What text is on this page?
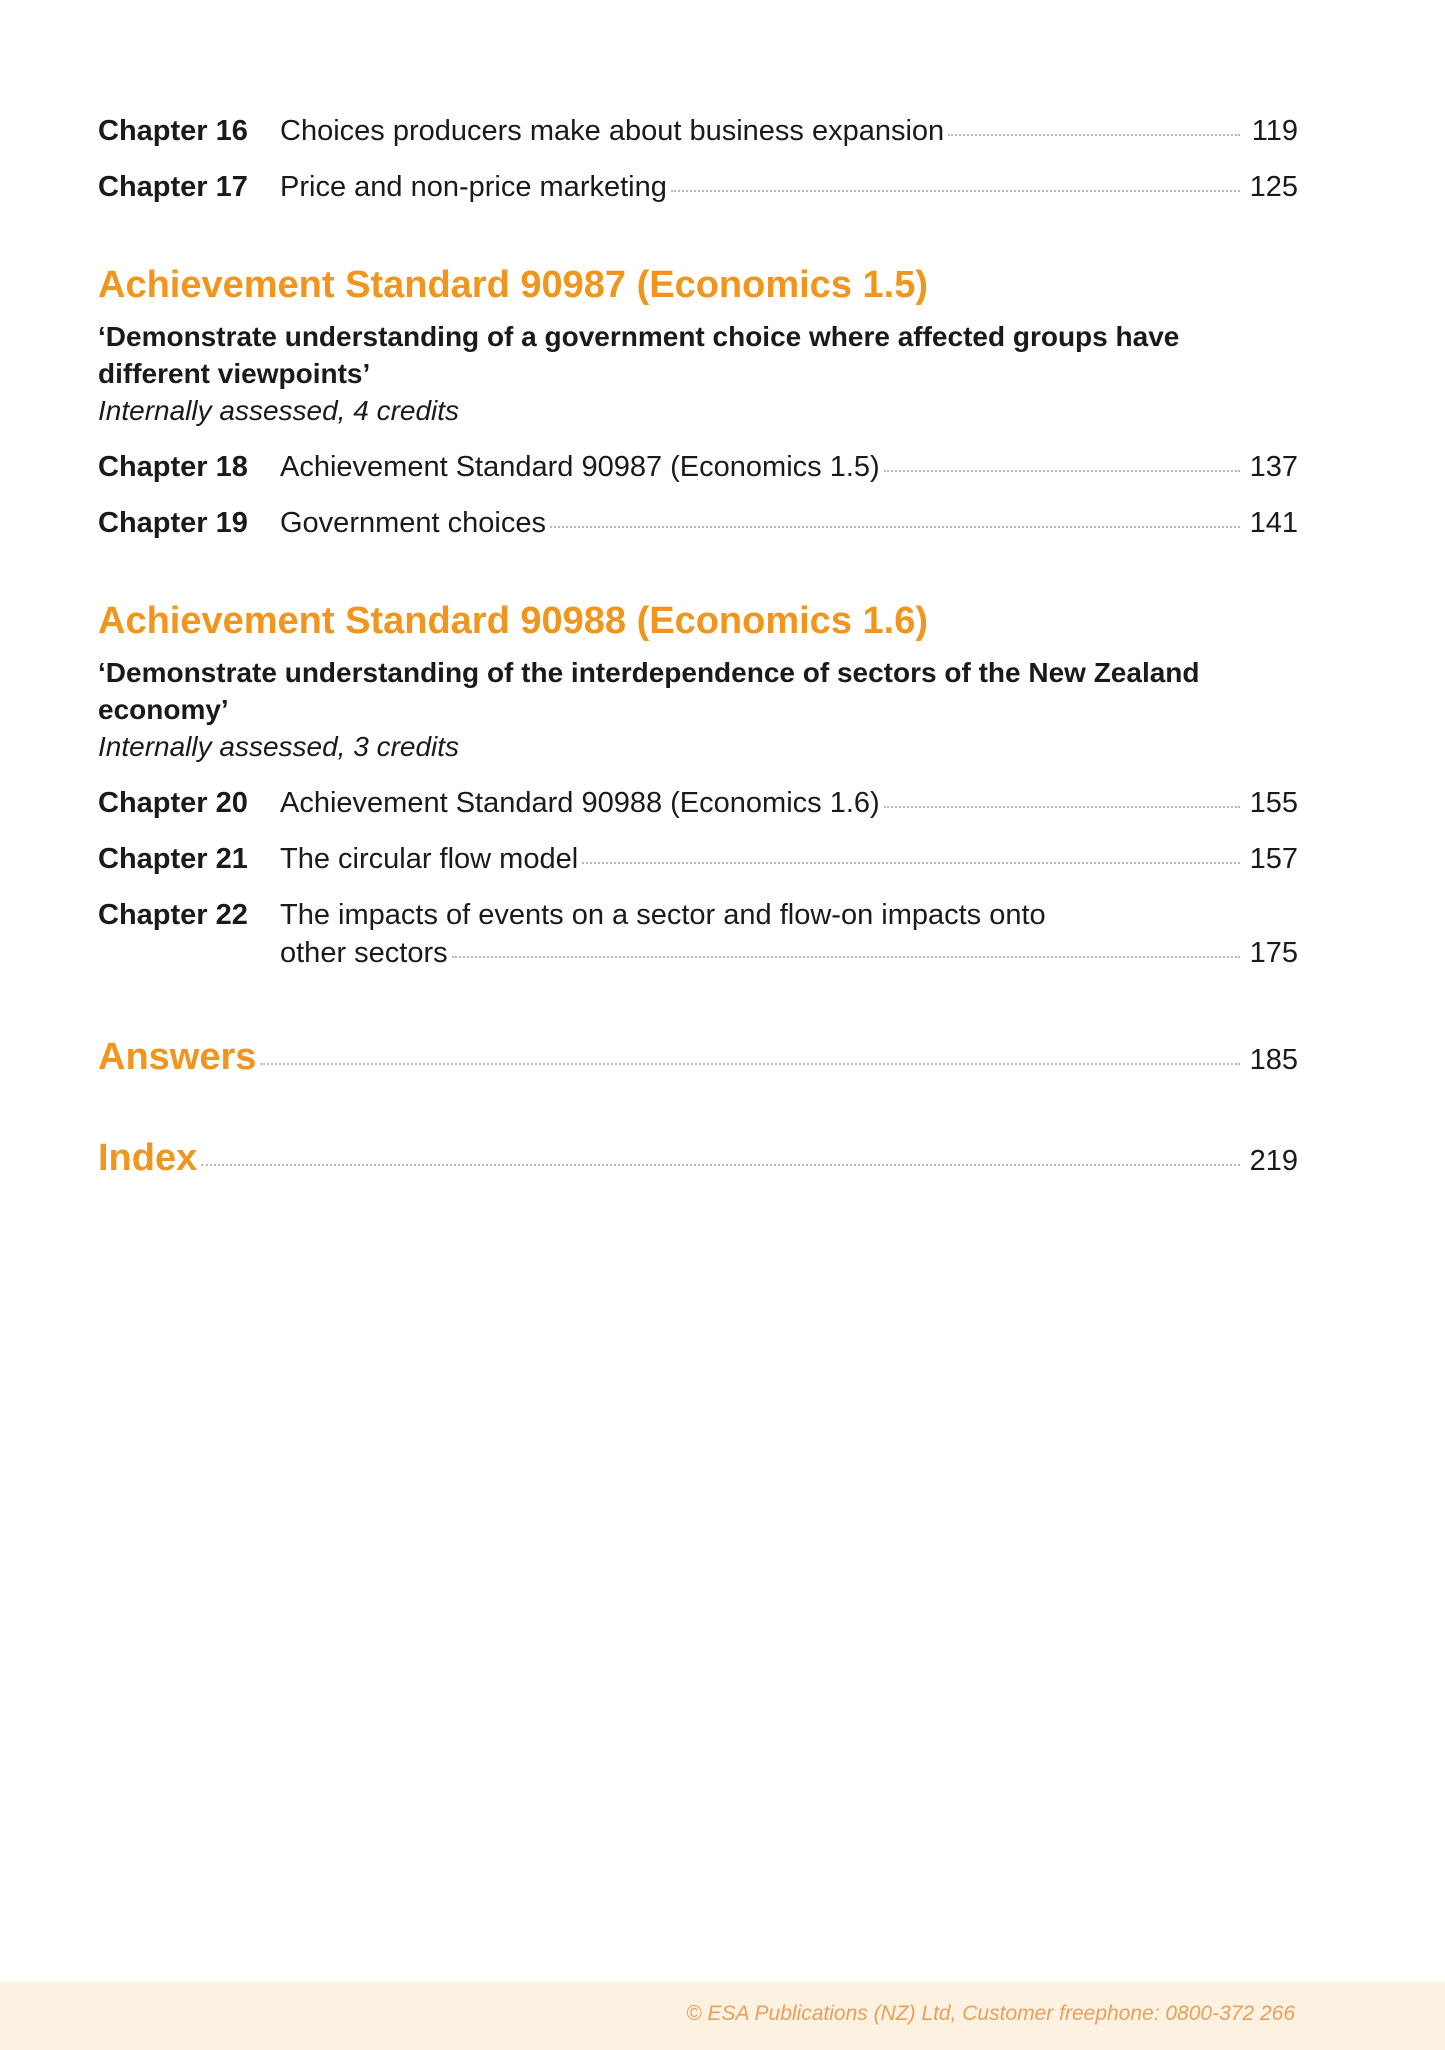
Chapter 16	Choices producers make about business expansion	119
Chapter 17	Price and non-price marketing	125
Achievement Standard 90987 (Economics 1.5)

‘Demonstrate understanding of a government choice where affected groups have different viewpoints’

Internally assessed, 4 credits

Chapter 18	Achievement Standard 90987 (Economics 1.5)	137
Chapter 19	Government choices	141
Achievement Standard 90988 (Economics 1.6)

‘Demonstrate understanding of the interdependence of sectors of the New Zealand economy’

Internally assessed, 3 credits

Chapter 20	Achievement Standard 90988 (Economics 1.6)	155
Chapter 21	The circular flow model	157
Chapter 22	The impacts of events on a sector and flow-on impacts onto
other sectors	175
Answers	185
Index	219
© ESA Publications (NZ) Ltd, Customer freephone: 0800-372 266
